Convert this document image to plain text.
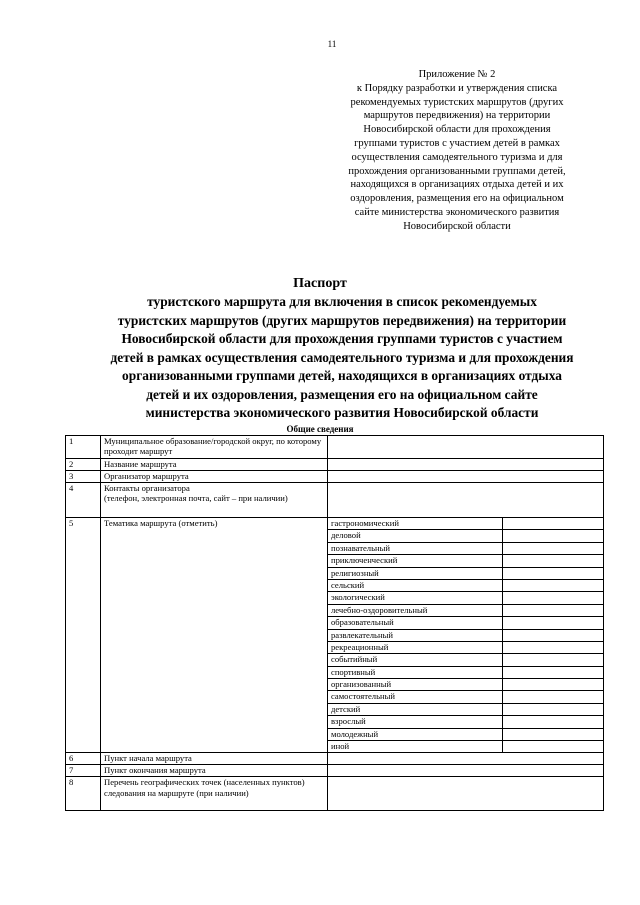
11
Приложение № 2
к Порядку разработки и утверждения списка
рекомендуемых туристских маршрутов (других
маршрутов передвижения) на территории
Новосибирской области для прохождения
группами туристов с участием детей в рамках
осуществления самодеятельного туризма и для
прохождения организованными группами детей,
находящихся в организациях отдыха детей и их
оздоровления, размещения его на официальном
сайте министерства экономического развития
Новосибирской области
Паспорт
туристского маршрута для включения в список рекомендуемых
туристских маршрутов (других маршрутов передвижения) на территории
Новосибирской области для прохождения группами туристов с участием
детей в рамках осуществления самодеятельного туризма и для прохождения
организованными группами детей, находящихся в организациях отдыха
детей и их оздоровления, размещения его на официальном сайте
министерства экономического развития Новосибирской области
Общие сведения
1	Муниципальное образование/городской округ, по которому проходит маршрут		
2	Название маршрута		
3	Организатор маршрута		
4	Контакты организатора
(телефон, электронная почта, сайт – при наличии)		
5	Тематика маршрута (отметить)	гастрономический	
		деловой	
		познавательный	
		приключенческий	
		религиозный	
		сельский	
		экологический	
		лечебно-оздоровительный	
		образовательный	
		развлекательный	
		рекреационный	
		событийный	
		спортивный	
		организованный	
		самостоятельный	
		детский	
		взрослый	
		молодежный	
		иной	
6	Пункт начала маршрута		
7	Пункт окончания маршрута		
8	Перечень географических точек (населенных пунктов) следования на маршруте (при наличии)		
